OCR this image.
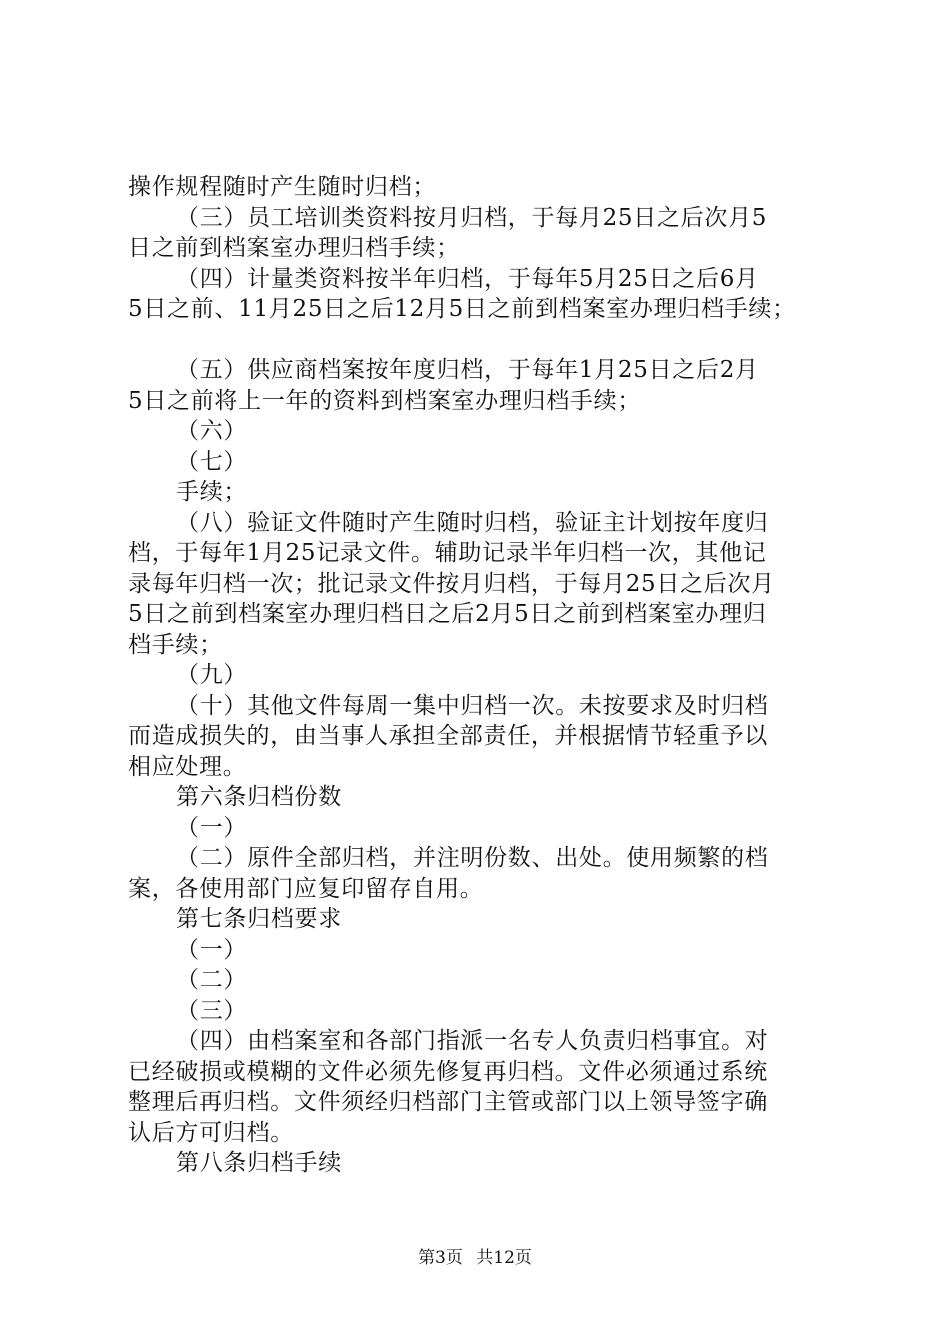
操作规程随时产生随时归档；
（三）员工培训类资料按月归档，于每月25日之后次月5
日之前到档案室办理归档手续；
（四）计量类资料按半年归档，于每年5月25日之后6月
5日之前、11月25日之后12月5日之前到档案室办理归档手续；
（五）供应商档案按年度归档，于每年1月25日之后2月
5日之前将上一年的资料到档案室办理归档手续；
（六）
（七）
手续；
（八）验证文件随时产生随时归档，验证主计划按年度归
档，于每年1月25记录文件。辅助记录半年归档一次，其他记
录每年归档一次；批记录文件按月归档，于每月25日之后次月
5日之前到档案室办理归档日之后2月5日之前到档案室办理归
档手续；
（九）
（十）其他文件每周一集中归档一次。未按要求及时归档
而造成损失的，由当事人承担全部责任，并根据情节轻重予以
相应处理。
第六条归档份数
（一）
（二）原件全部归档，并注明份数、出处。使用频繁的档
案，各使用部门应复印留存自用。
第七条归档要求
（一）
（二）
（三）
（四）由档案室和各部门指派一名专人负责归档事宜。对
已经破损或模糊的文件必须先修复再归档。文件必须通过系统
整理后再归档。文件须经归档部门主管或部门以上领导签字确
认后方可归档。
第八条归档手续
第3页 共12页
